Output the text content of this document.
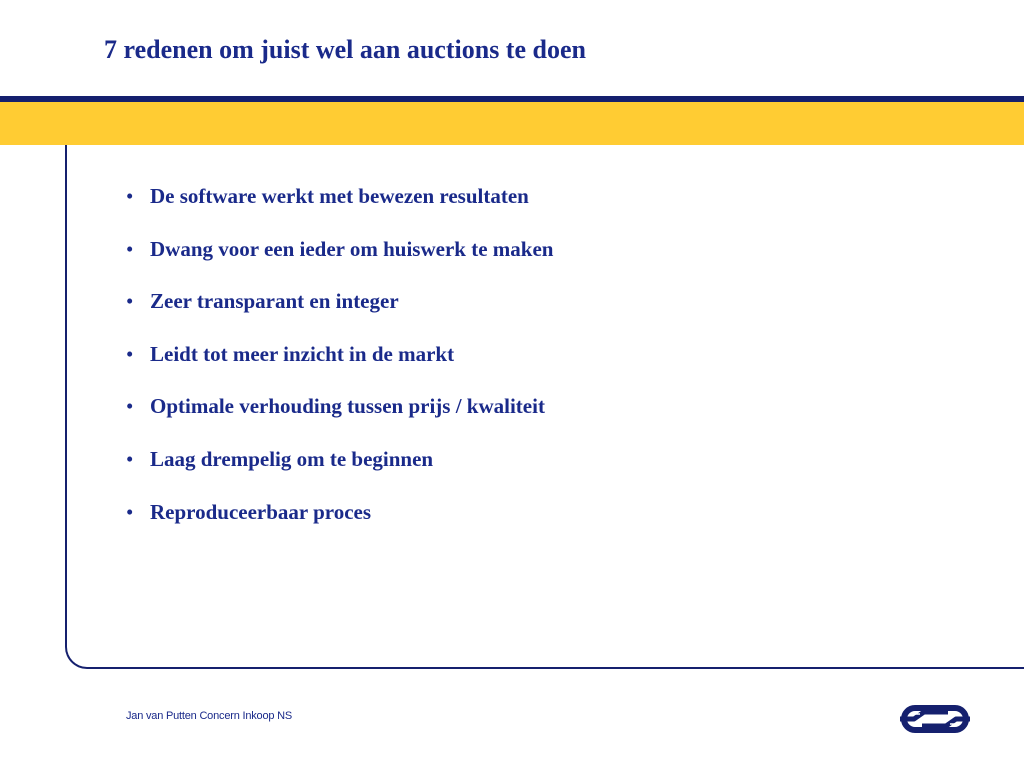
7 redenen om juist wel aan auctions te doen
• De software werkt met bewezen resultaten
• Dwang voor een ieder om huiswerk te maken
• Zeer transparant en integer
• Leidt tot meer inzicht in de markt
• Optimale verhouding tussen prijs / kwaliteit
• Laag drempelig om te beginnen
• Reproduceerbaar proces
Jan van Putten Concern Inkoop NS
